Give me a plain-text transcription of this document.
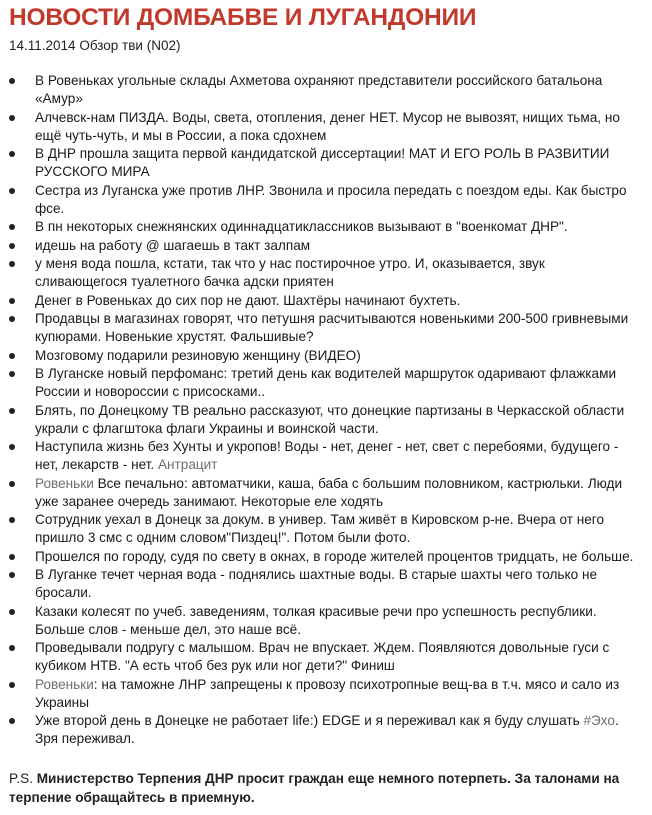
НОВОСТИ ДОМБАБВЕ И ЛУГАНДОНИИ
14.11.2014 Обзор тви (N02)
В Ровеньках угольные склады Ахметова охраняют представители российского батальона «Амур»
Алчевск-нам ПИЗДА. Воды, света, отопления, денег НЕТ. Мусор не вывозят, нищих тьма, но ещё чуть-чуть, и мы в России, а пока сдохнем
В ДНР прошла защита первой кандидатской диссертации! МАТ И ЕГО РОЛЬ В РАЗВИТИИ РУССКОГО МИРА
Сестра из Луганска уже против ЛНР. Звонила и просила передать с поездом еды. Как быстро фсе.
В пн некоторых снежнянских одиннадцатиклассников вызывают в "военкомат ДНР".
идешь на работу @ шагаешь в такт залпам
у меня вода пошла, кстати, так что у нас постирочное утро. И, оказывается, звук сливающегося туалетного бачка адски приятен
Денег в Ровеньках до сих пор не дают. Шахтёры начинают бухтеть.
Продавцы в магазинах говорят, что петушня расчитываются новенькими 200-500 гривневыми купюрами. Новенькие хрустят. Фальшивые?
Мозговому подарили резиновую женщину (ВИДЕО)
В Луганске новый перфоманс: третий день как водителей маршруток одаривают флажками России и новороссии с присосками..
Блять, по Донецкому ТВ реально рассказуют, что донецкие партизаны в Черкасской области украли с флагштока флаги Украины и воинской части.
Наступила жизнь без Хунты и укропов! Воды - нет, денег - нет, свет с перебоями, будущего - нет, лекарств - нет. Антрацит
Ровеньки Все печально: автоматчики, каша, баба с большим половником, кастрюльки. Люди уже заранее очередь занимают. Некоторые еле ходять
Сотрудник уехал в Донецк за докум. в универ. Там живёт в Кировском р-не. Вчера от него пришло 3 смс с одним словом"Пиздец!". Потом были фото.
Прошелся по городу, судя по свету в окнах, в городе жителей процентов тридцать, не больше.
В Луганке течет черная вода - поднялись шахтные воды. В старые шахты чего только не бросали.
Казаки колесят по учеб. заведениям, толкая красивые речи про успешность республики. Больше слов - меньше дел, это наше всё.
Проведывали подругу с малышом. Врач не впускает. Ждем. Появляются довольные гуси с кубиком НТВ. "А есть чтоб без рук или ног дети?" Финиш
Ровеньки: на таможне ЛНР запрещены к провозу психотропные вещ-ва в т.ч. мясо и сало из Украины
Уже второй день в Донецке не работает life:) EDGE и я переживал как я буду слушать #Эхо. Зря переживал.
P.S. Министерство Терпения ДНР просит граждан еще немного потерпеть. За талонами на терпение обращайтесь в приемную.
